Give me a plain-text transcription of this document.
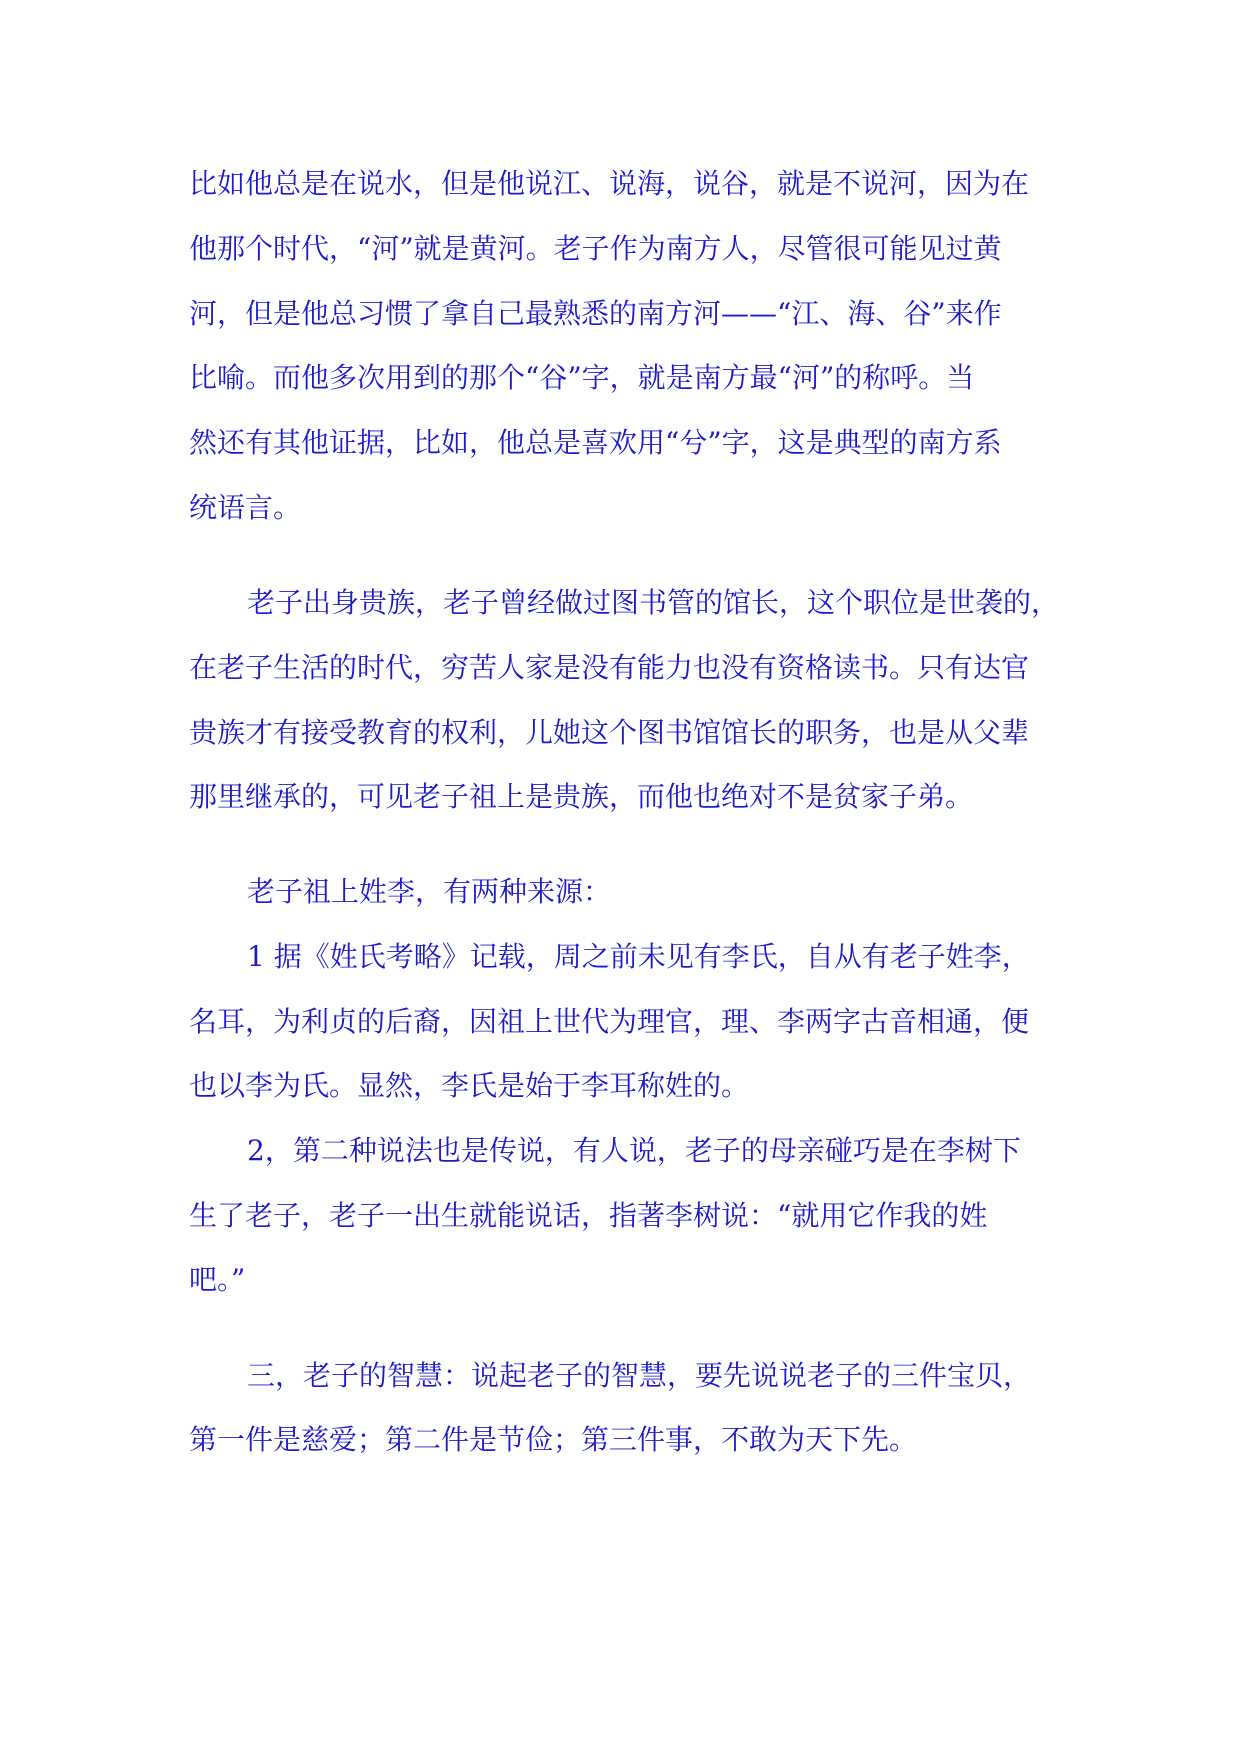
比如他总是在说水，但是他说江、说海，说谷，就是不说河，因为在
他那个时代，“河”就是黄河。老子作为南方人，尽管很可能见过黄
河，但是他总习惯了拿自己最熟悉的南方河——“江、海、谷”来作
比喻。而他多次用到的那个“谷”字，就是南方最“河”的称呼。当
然还有其他证据，比如，他总是喜欢用“兮”字，这是典型的南方系
统语言。
老子出身贵族，老子曾经做过图书管的馆长，这个职位是世袭的，
在老子生活的时代，穷苦人家是没有能力也没有资格读书。只有达官
贵族才有接受教育的权利，儿她这个图书馆馆长的职务，也是从父辈
那里继承的，可见老子祖上是贵族，而他也绝对不是贫家子弟。
老子祖上姓李，有两种来源：
1 据《姓氏考略》记载，周之前未见有李氏，自从有老子姓李，
名耳，为利贞的后裔，因祖上世代为理官，理、李两字古音相通，便
也以李为氏。显然，李氏是始于李耳称姓的。
2，第二种说法也是传说，有人说，老子的母亲碰巧是在李树下
生了老子，老子一出生就能说话，指著李树说：“就用它作我的姓
吧。”
三，老子的智慧：说起老子的智慧，要先说说老子的三件宝贝，
第一件是慈爱；第二件是节俭；第三件事，不敢为天下先。
